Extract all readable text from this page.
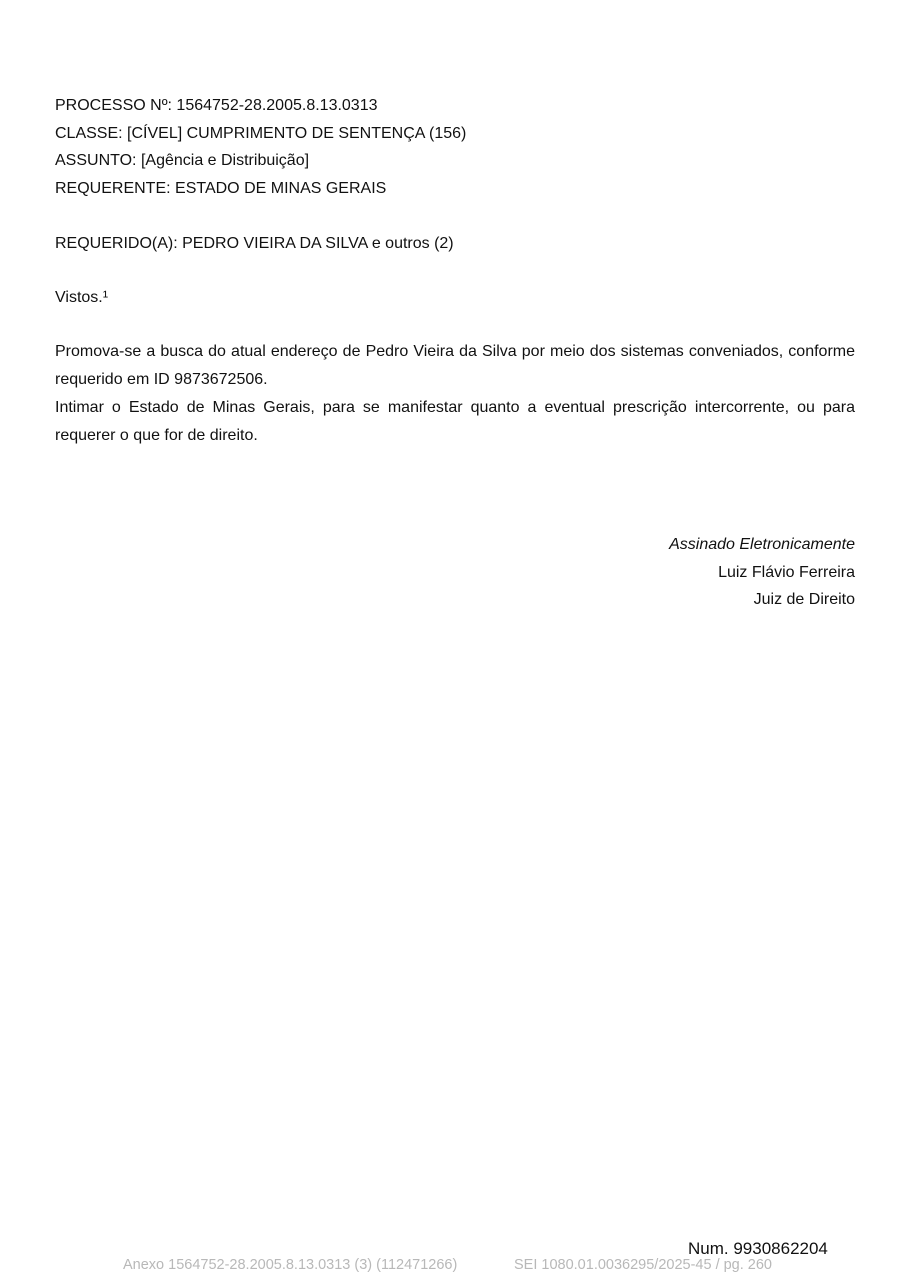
PROCESSO Nº: 1564752-28.2005.8.13.0313
CLASSE: [CÍVEL] CUMPRIMENTO DE SENTENÇA (156)
ASSUNTO: [Agência e Distribuição]
REQUERENTE: ESTADO DE MINAS GERAIS
REQUERIDO(A): PEDRO VIEIRA DA SILVA e outros (2)
Vistos.¹

Promova-se a busca do atual endereço de Pedro Vieira da Silva por meio dos sistemas conveniados, conforme requerido em ID 9873672506.

Intimar o Estado de Minas Gerais, para se manifestar quanto a eventual prescrição intercorrente, ou para requerer o que for de direito.

Assinado Eletronicamente
Luiz Flávio Ferreira
Juiz de Direito
Num. 9930862204
Anexo 1564752-28.2005.8.13.0313 (3) (112471266)	SEI 1080.01.0036295/2025-45 / pg. 260
